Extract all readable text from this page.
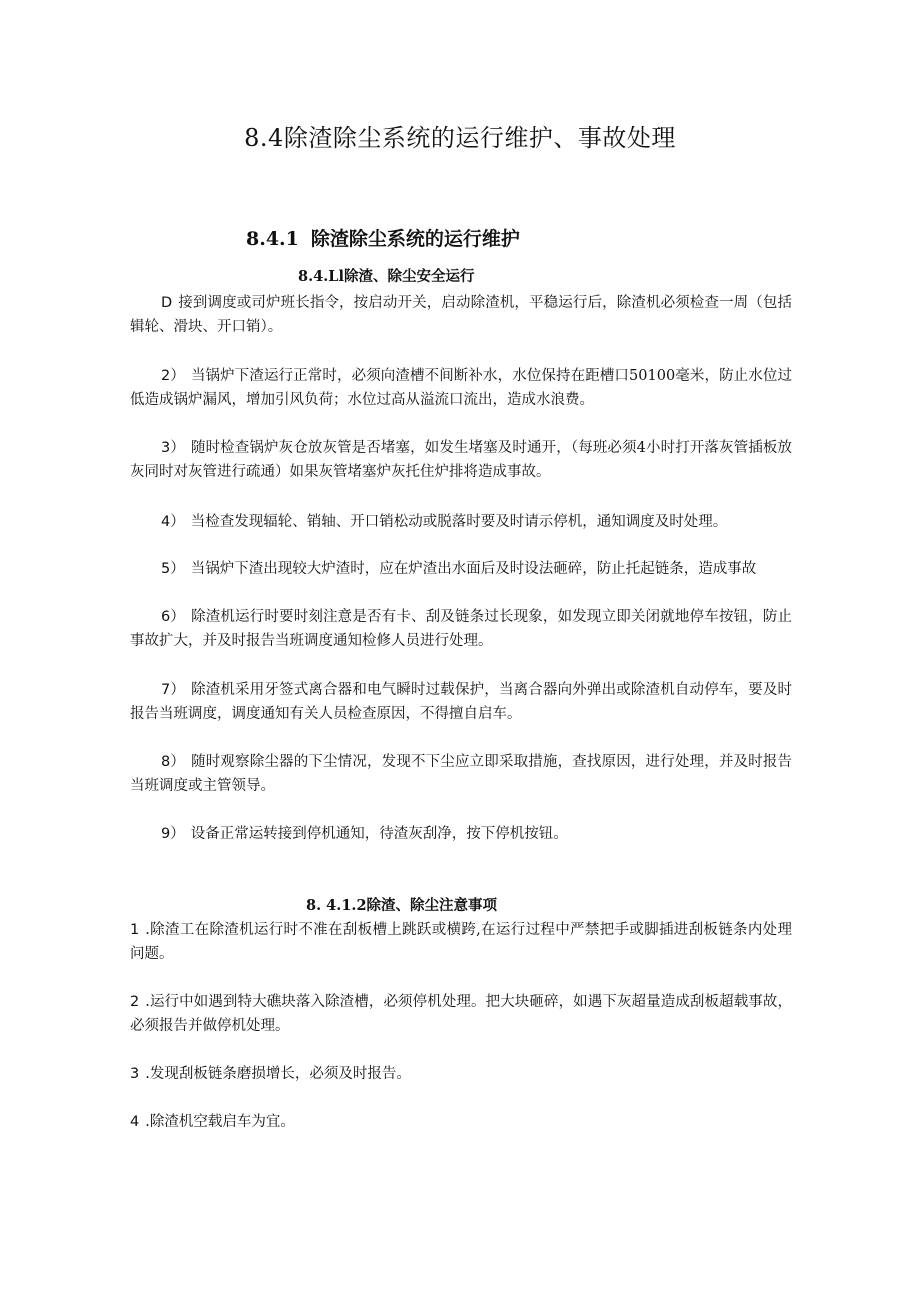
8.4除渣除尘系统的运行维护、事故处理
8.4.1 除渣除尘系统的运行维护
8.4.Ll除渣、除尘安全运行
D 接到调度或司炉班长指令，按启动开关，启动除渣机，平稳运行后，除渣机必须检查一周（包括辑轮、滑块、开口销）。
2） 当锅炉下渣运行正常时，必须向渣槽不间断补水，水位保持在距槽口50100毫米，防止水位过低造成锅炉漏风，增加引风负荷；水位过高从溢流口流出，造成水浪费。
3） 随时检查锅炉灰仓放灰管是否堵塞，如发生堵塞及时通开，（每班必须4小时打开落灰管插板放灰同时对灰管进行疏通）如果灰管堵塞炉灰托住炉排将造成事故。
4） 当检查发现辐轮、销轴、开口销松动或脱落时要及时请示停机，通知调度及时处理。
5） 当锅炉下渣出现较大炉渣时，应在炉渣出水面后及时设法砸碎，防止托起链条，造成事故
6） 除渣机运行时要时刻注意是否有卡、刮及链条过长现象，如发现立即关闭就地停车按钮，防止事故扩大，并及时报告当班调度通知检修人员进行处理。
7） 除渣机采用牙签式离合器和电气瞬时过载保护，当离合器向外弹出或除渣机自动停车，要及时报告当班调度，调度通知有关人员检查原因，不得擅自启车。
8） 随时观察除尘器的下尘情况，发现不下尘应立即采取措施，查找原因，进行处理，并及时报告当班调度或主管领导。
9） 设备正常运转接到停机通知，待渣灰刮净，按下停机按钮。
8. 4.1.2除渣、除尘注意事项
1 .除渣工在除渣机运行时不准在刮板槽上跳跃或横跨,在运行过程中严禁把手或脚插进刮板链条内处理问题。
2 .运行中如遇到特大礁块落入除渣槽，必须停机处理。把大块砸碎，如遇下灰超量造成刮板超载事故，必须报告并做停机处理。
3 .发现刮板链条磨损增长，必须及时报告。
4 .除渣机空载启车为宜。
